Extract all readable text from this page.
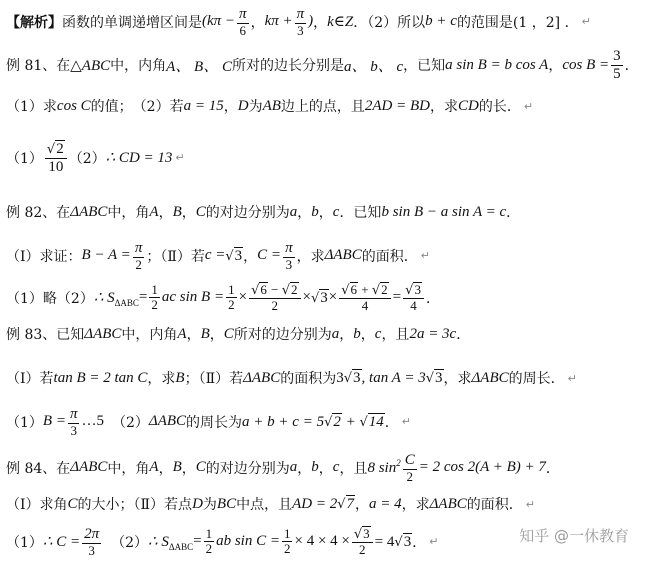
【解析】 函数的单调递增区间是 ($k\pi - \frac{\pi}{6}$ ， $k\pi + \frac{\pi}{3}$ ) ， k∈Z ．（2）所以 b + c 的范围是(1 ，2] ． ↵
例 81、在 △ABC 中，内角 A、 B、 C 所对的边长分别是 a、 b、 c ，已知 a sin B = b cos A ， $\cos B = \frac{3}{5}$ ．
（1）求 cos C 的值；　（2）若 a = 15 ， D 为 AB 边上的点，且 2AD = BD ，求 CD 的长． ↵
$(1) \frac{√2}{10} (2)$ ∴ CD = 13 ↵
例 82、在 ΔABC 中，角 A ， B ， C 的对边分别为 a ， b ， c ．已知 b sin B − a sin A = c ．
（Ⅰ）求证： $B - A = \frac{\pi}{2}$ ；（Ⅱ）若 c = √3 ， $C = \frac{\pi}{3}$ ，求 ΔABC 的面积． ↵
（1）略（2） ∴ $S_{\Delta ABC} = \frac{1}{2}$ ac $\sin B = \frac{1}{2} \times \frac{√6 - √2}{2} \times √3 \times \frac{√6 + √2}{4} = \frac{√3}{4}$ ．
例 83、已知 ΔABC 中，内角 A ， B ， C 所对的边分别为 a ， b ， c ，且 2a = 3c ．
（Ⅰ）若 tan B = 2 tan C ，求 B ；（Ⅱ）若 ΔABC 的面积为 3√3, tan A = 3√3 ，求 ΔABC 的周长． ↵
（1） $B = \frac{\pi}{3}$ …5 （2） ΔABC 的周长为 a + b + c = 5√2 + √14 ． ↵
例 84、在 ΔABC 中，角 A ， B ， C 的对边分别为 a ， b ， c ，且 8 $\sin^2 \frac{C}{2} = 2$ cos 2(A + B) + 7 ．
（Ⅰ）求角 C 的大小；（Ⅱ）若点 D 为 BC 中点，且 AD = 2√7 ， a = 4 ，求 ΔABC 的面积． ↵
（1） ∴ $C = \frac{2\pi}{3} (2)$ ∴ $S_{\Delta ABC} = \frac{1}{2}$ ab $\sin C = \frac{1}{2} \times 4 \times 4 \times \frac{√3}{2} = 4√3$ ． ↵	知乎 @一休教育
